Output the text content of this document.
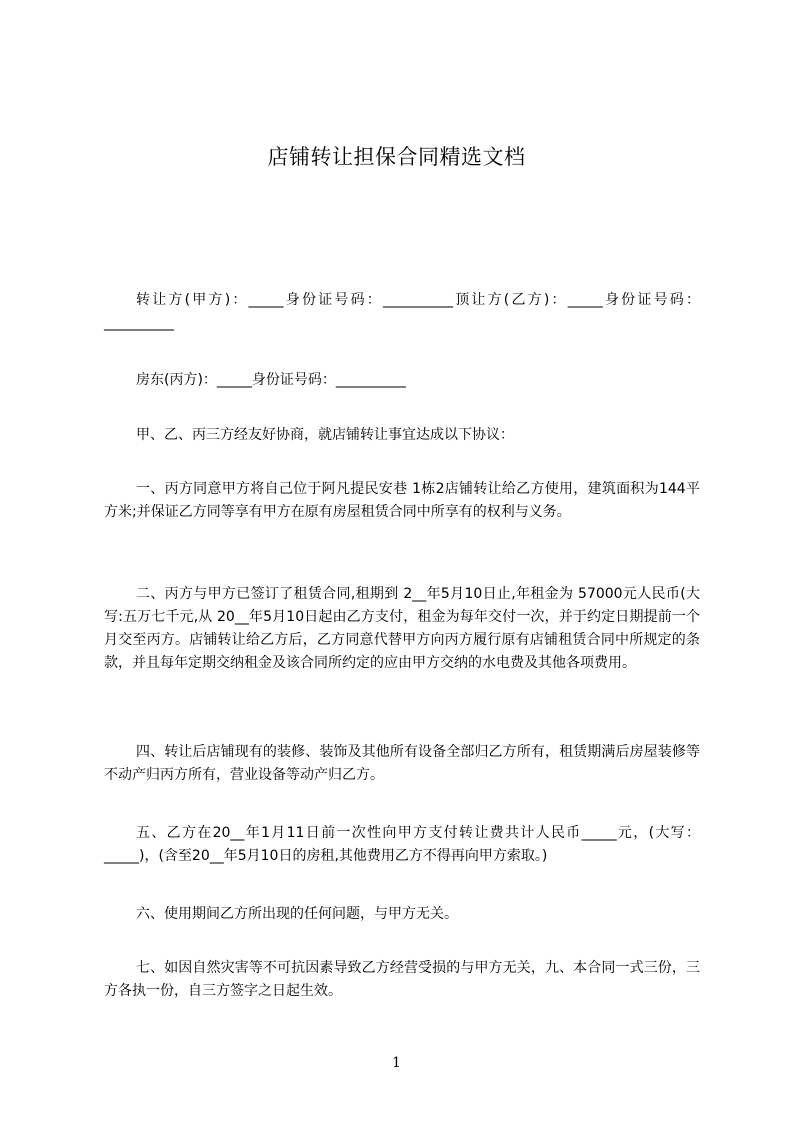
店铺转让担保合同精选文档

转让方(甲方)：_____身份证号码：__________顶让方(乙方)：_____身份证号码：__________

房东(丙方)：_____身份证号码：__________

甲、乙、丙三方经友好协商，就店铺转让事宜达成以下协议：

一、丙方同意甲方将自己位于阿凡提民安巷 1栋2店铺转让给乙方使用，建筑面积为144平方米;并保证乙方同等享有甲方在原有房屋租赁合同中所享有的权利与义务。

二、丙方与甲方已签订了租赁合同,租期到 2__年5月10日止,年租金为 57000元人民币(大写:五万七千元,从 20__年5月10日起由乙方支付，租金为每年交付一次，并于约定日期提前一个月交至丙方。店铺转让给乙方后，乙方同意代替甲方向丙方履行原有店铺租赁合同中所规定的条款，并且每年定期交纳租金及该合同所约定的应由甲方交纳的水电费及其他各项费用。

四、转让后店铺现有的装修、装饰及其他所有设备全部归乙方所有，租赁期满后房屋装修等不动产归丙方所有，营业设备等动产归乙方。

五、乙方在20__年1月11日前一次性向甲方支付转让费共计人民币_____元，(大写：_____)，(含至20__年5月10日的房租,其他费用乙方不得再向甲方索取。)

六、使用期间乙方所出现的任何问题，与甲方无关。

七、如因自然灾害等不可抗因素导致乙方经营受损的与甲方无关，九、本合同一式三份，三方各执一份，自三方签字之日起生效。

1
